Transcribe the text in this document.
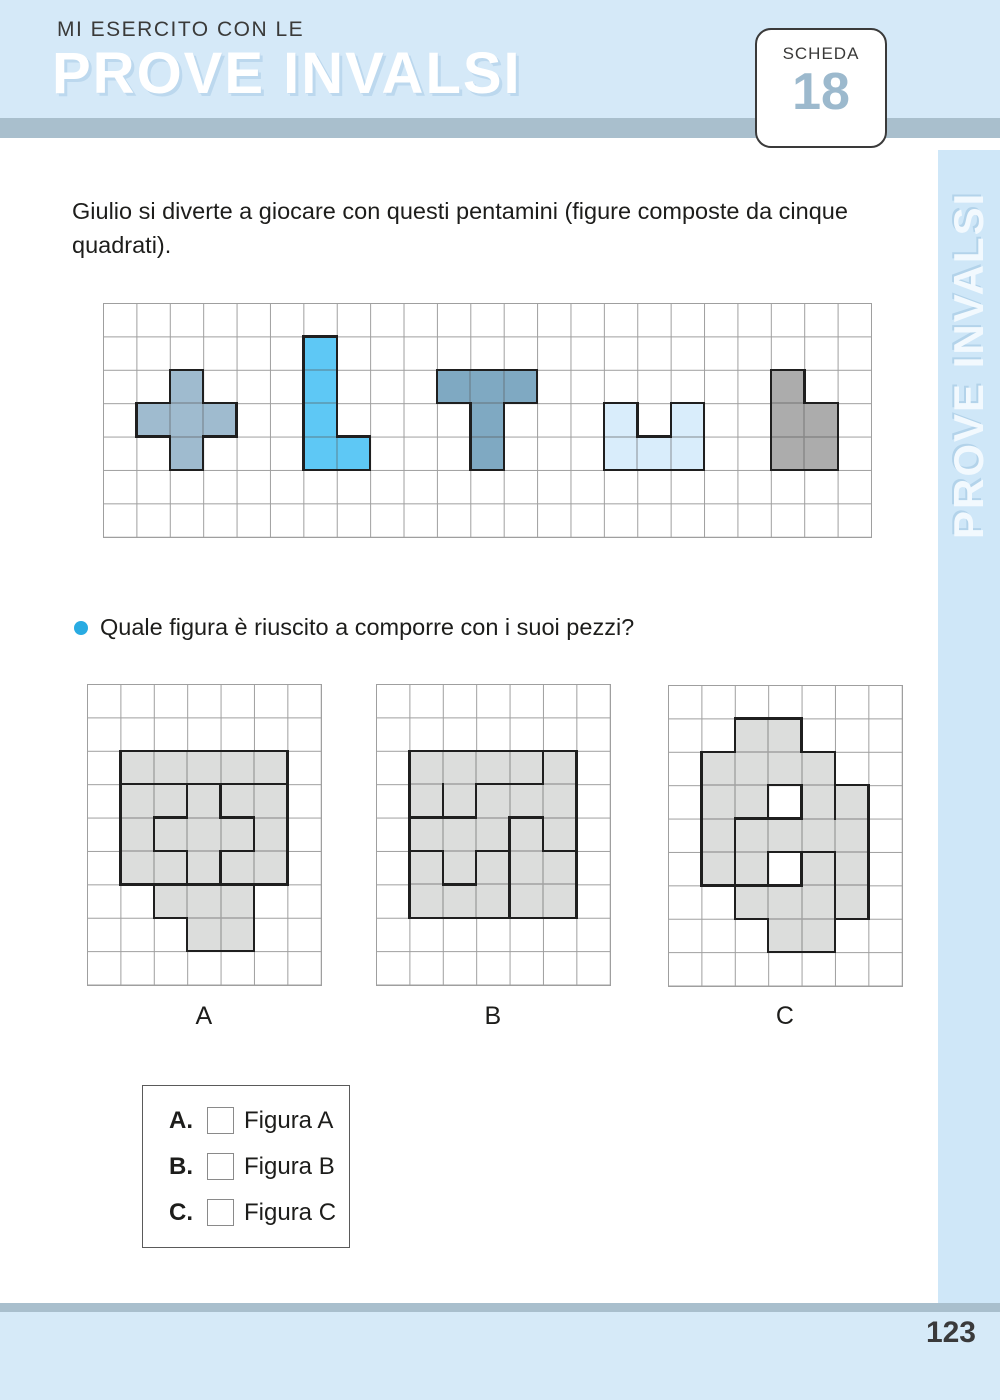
MI ESERCITO CON LE
PROVE INVALSI	SCHEDA
18
PROVE INVALSI
Giulio si diverte a giocare con questi pentamini (figure composte da cinque quadrati).
Quale figura è riuscito a comporre con i suoi pezzi?
A. Figura A
B. Figura B
C. Figura C
123
A	B	C
